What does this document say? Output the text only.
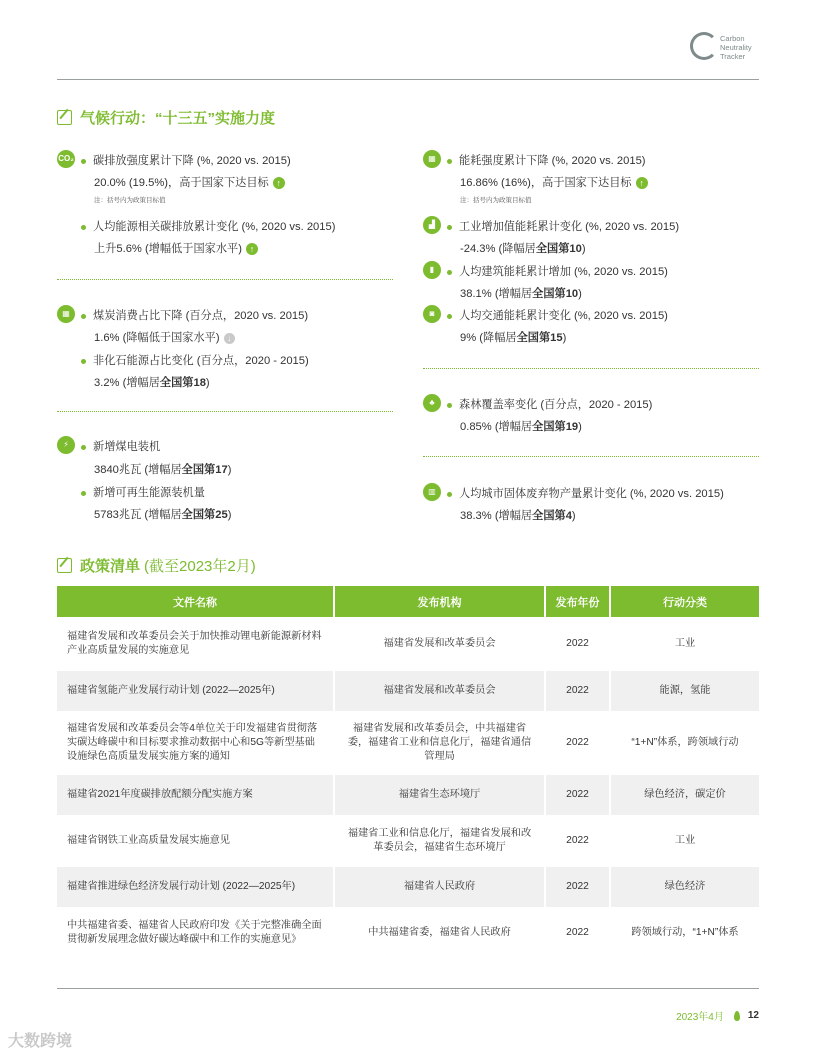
Carbon
Neutrality
Tracker
气候行动：“十三五”实施力度
CO₂	碳排放强度累计下降 (%, 2020 vs. 2015)
20.0% (19.5%)，高于国家下达目标 ↑
注：括号内为政策目标值
人均能源相关碳排放累计变化 (%, 2020 vs. 2015)
上升5.6% (增幅低于国家水平) ↑
▦	煤炭消费占比下降 (百分点，2020 vs. 2015)
1.6% (降幅低于国家水平) ↓
非化石能源占比变化 (百分点，2020 - 2015)
3.2% (增幅居全国第18)
⚡	新增煤电装机
3840兆瓦 (增幅居全国第17)
新增可再生能源装机量
5783兆瓦 (增幅居全国第25)
▦	能耗强度累计下降 (%, 2020 vs. 2015)
16.86% (16%)，高于国家下达目标 ↑
注：括号内为政策目标值
▟	工业增加值能耗累计变化 (%, 2020 vs. 2015)
-24.3% (降幅居全国第10)
▮	人均建筑能耗累计增加 (%, 2020 vs. 2015)
38.1% (增幅居全国第10)
◙	人均交通能耗累计变化 (%, 2020 vs. 2015)
9% (降幅居全国第15)
♣	森林覆盖率变化 (百分点，2020 - 2015)
0.85% (增幅居全国第19)
▥	人均城市固体废弃物产量累计变化 (%, 2020 vs. 2015)
38.3% (增幅居全国第4)
政策清单 (截至2023年2月)
文件名称	发布机构	发布年份	行动分类
福建省发展和改革委员会关于加快推动锂电新能源新材料产业高质量发展的实施意见	福建省发展和改革委员会	2022	工业
福建省氢能产业发展行动计划 (2022—2025年)	福建省发展和改革委员会	2022	能源，氢能
福建省发展和改革委员会等4单位关于印发福建省贯彻落实碳达峰碳中和目标要求推动数据中心和5G等新型基础设施绿色高质量发展实施方案的通知	福建省发展和改革委员会，中共福建省委，福建省工业和信息化厅，福建省通信管理局	2022	“1+N”体系，跨领域行动
福建省2021年度碳排放配额分配实施方案	福建省生态环境厅	2022	绿色经济，碳定价
福建省钢铁工业高质量发展实施意见	福建省工业和信息化厅，福建省发展和改革委员会，福建省生态环境厅	2022	工业
福建省推进绿色经济发展行动计划 (2022—2025年)	福建省人民政府	2022	绿色经济
中共福建省委、福建省人民政府印发《关于完整准确全面贯彻新发展理念做好碳达峰碳中和工作的实施意见》	中共福建省委，福建省人民政府	2022	跨领域行动，“1+N”体系
2023年4月 12
大数跨境
